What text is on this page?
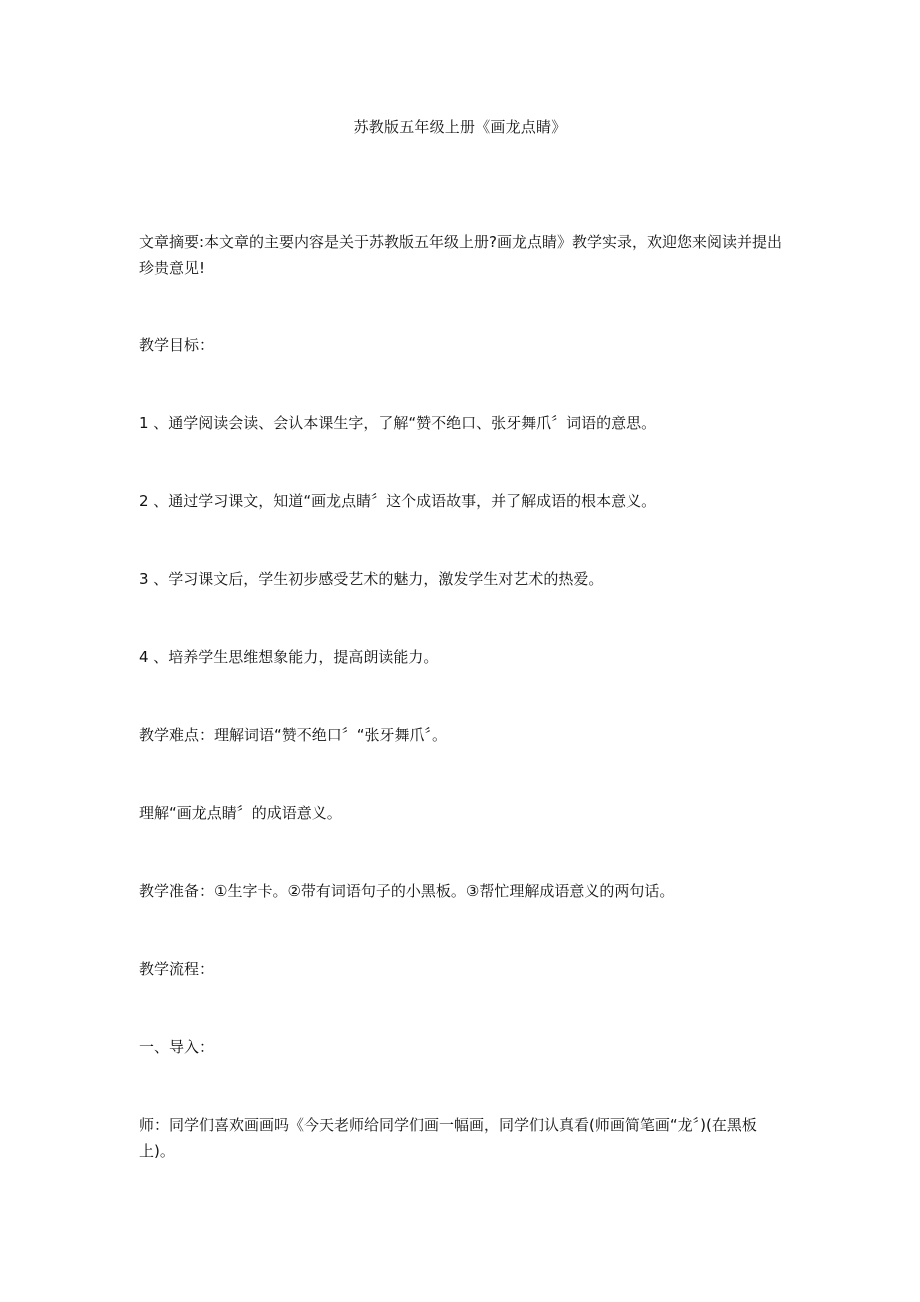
苏教版五年级上册《画龙点睛》
文章摘要:本文章的主要内容是关于苏教版五年级上册?画龙点睛》教学实录，欢迎您来阅读并提出珍贵意见!
教学目标：
1 、通学阅读会读、会认本课生字，了解“赞不绝口、张牙舞爪〞词语的意思。
2 、通过学习课文，知道“画龙点睛〞这个成语故事，并了解成语的根本意义。
3 、学习课文后，学生初步感受艺术的魅力，激发学生对艺术的热爱。
4 、培养学生思维想象能力，提高朗读能力。
教学难点：理解词语“赞不绝口〞“张牙舞爪〞。
理解“画龙点睛〞的成语意义。
教学准备：①生字卡。②带有词语句子的小黑板。③帮忙理解成语意义的两句话。
教学流程：
一、导入：
师：同学们喜欢画画吗《今天老师给同学们画一幅画，同学们认真看(师画简笔画“龙〞)(在黑板上)。
